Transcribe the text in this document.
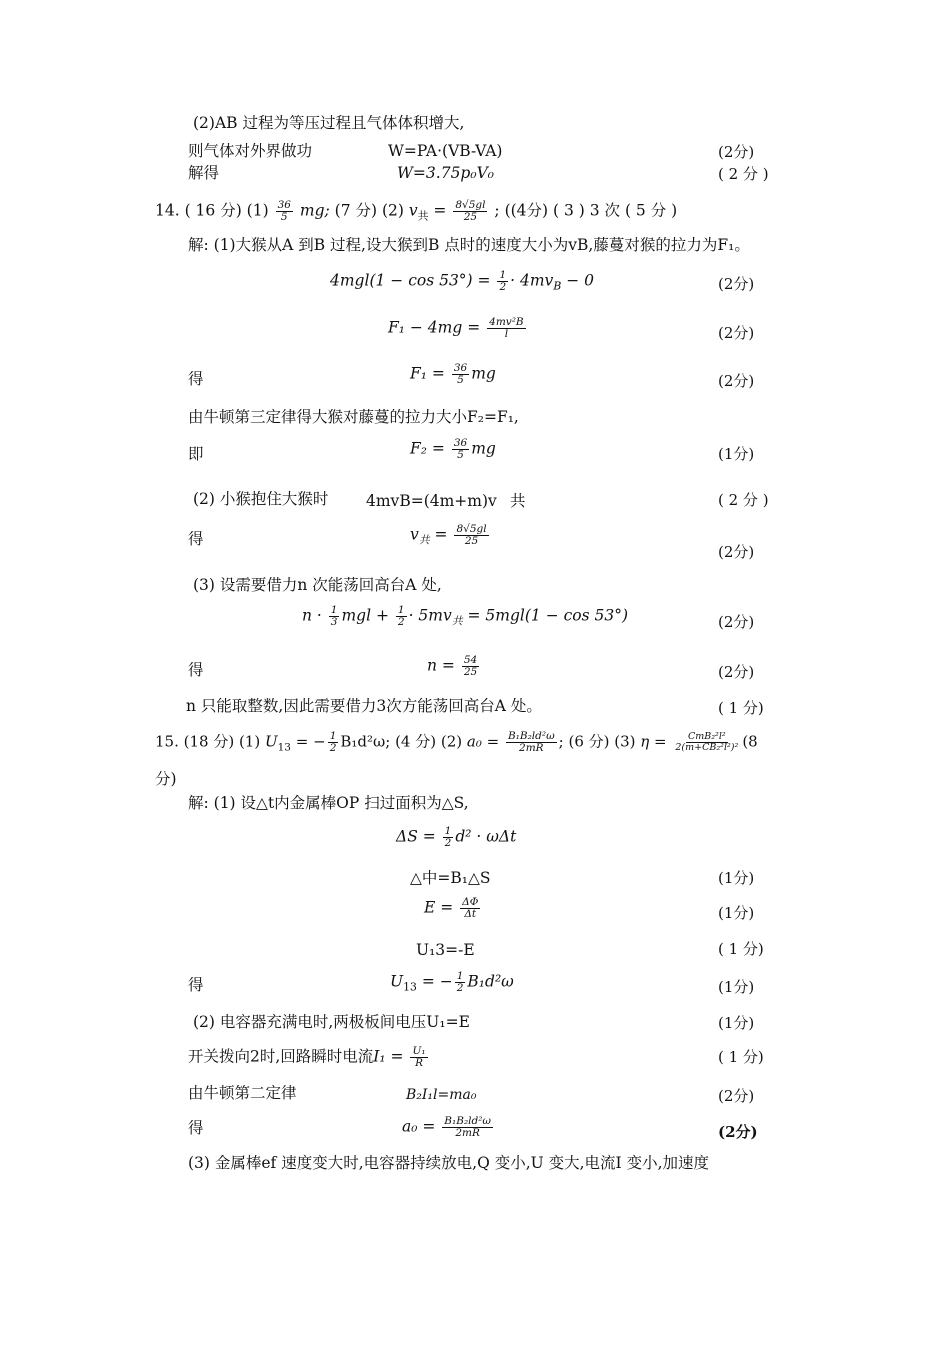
(2)AB 过程为等压过程且气体体积增大,
则气体对外界做功	W=PA·(VB-VA)	(2分)
解得	W=3.75p₀V₀	( 2 分 )
14. ( 16 分) $(1) \frac{36}{5}$ mg; (7 分) (2) $v_共 = \frac{8√5gl}{25}$ ; ((4分) ( 3 ) 3 次 ( 5 分 )
解: (1)大猴从A 到B 过程,设大猴到B 点时的速度大小为vB,藤蔓对猴的拉力为F₁。
$4mgl(1 - \cos 53^\circ) = \frac{1}{2} \cdot 4mv_B - 0$	(2分)
$F_1 - 4mg = \frac{\text{4mv²B}}{l}$	(2分)
得	$F_1 = \frac{36}{5}$ mg	(2分)
由牛顿第三定律得大猴对藤蔓的拉力大小F₂=F₁,
即	$F_2 = \frac{36}{5}$ mg	(1分)
(2) 小猴抱住大猴时 4mvB=(4m+m)v 共	( 2 分 )
得	$v_共 = \frac{8√5gl}{25}$
(2分)
(3) 设需要借力n 次能荡回高台A 处,
$n \cdot \frac{1}{3}$ mgl + $\frac{1}{2} \cdot 5mv_共 = 5mgl(1 - \cos 53^\circ)$	(2分)
得	$n = \frac{54}{25}$	(2分)
n 只能取整数,因此需要借力3次方能荡回高台A 处。	( 1 分)
15. (18 分) (1) $U_{13}$ = − $\frac{1}{2} B_1d^2\omega$; (4 分) (2) $a_0 = \frac{\text{B₁B₂ld²ω}}{2mR}$ ; (6 分) (3) $\eta = \frac{\text{CmB₂²l²}}{\text{2(m+CB₂²l²)²}} (8$
分)
解: (1) 设△t内金属棒OP 扫过面积为△S,
$\Delta S = \frac{1}{2} d^2 \cdot \omega\Delta t$
△中=B₁△S	(1分)
$E = \frac{\Delta\Phi}{\Delta t}$	(1分)
U₁3=-E	( 1 分)
得	$U_{13}$ = − $\frac{1}{2} B_1d^2\omega$	(1分)
(2) 电容器充满电时,两极板间电压U₁=E	(1分)
开关拨向2时,回路瞬时电流$I_1 = \frac{\text{U₁}}{R}$	( 1 分)
由牛顿第二定律	B₂I₁l=ma₀	(2分)
得	$a_0 = \frac{\text{B₁B₂ld²ω}}{2mR}$	(2分)
(3) 金属棒ef 速度变大时,电容器持续放电,Q 变小,U 变大,电流I 变小,加速度
